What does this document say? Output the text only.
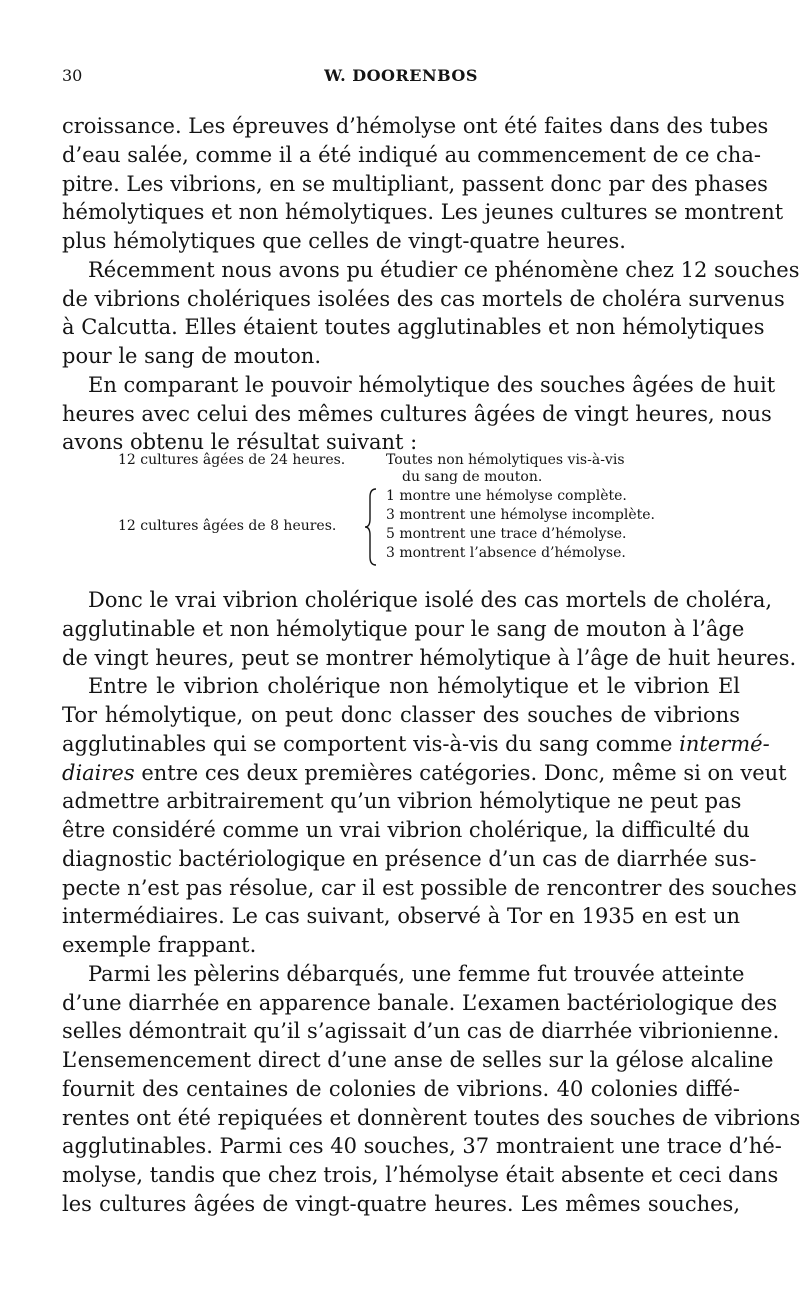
30	W. DOORENBOS
croissance. Les épreuves d’hémolyse ont été faites dans des tubes
d’eau salée, comme il a été indiqué au commencement de ce cha-
pitre. Les vibrions, en se multipliant, passent donc par des phases
hémolytiques et non hémolytiques. Les jeunes cultures se montrent
plus hémolytiques que celles de vingt-quatre heures.
Récemment nous avons pu étudier ce phénomène chez 12 souches
de vibrions cholériques isolées des cas mortels de choléra survenus
à Calcutta. Elles étaient toutes agglutinables et non hémolytiques
pour le sang de mouton.
En comparant le pouvoir hémolytique des souches âgées de huit
heures avec celui des mêmes cultures âgées de vingt heures, nous
avons obtenu le résultat suivant :
12 cultures âgées de 24 heures.	Toutes non hémolytiques vis-à-vis
du sang de mouton.
12 cultures âgées de 8 heures.
1 montre une hémolyse complète.
3 montrent une hémolyse incomplète.
5 montrent une trace d’hémolyse.
3 montrent l’absence d’hémolyse.
Donc le vrai vibrion cholérique isolé des cas mortels de choléra,
agglutinable et non hémolytique pour le sang de mouton à l’âge
de vingt heures, peut se montrer hémolytique à l’âge de huit heures.
Entre le vibrion cholérique non hémolytique et le vibrion El
Tor hémolytique, on peut donc classer des souches de vibrions
agglutinables qui se comportent vis-à-vis du sang comme intermé-
diaires entre ces deux premières catégories. Donc, même si on veut
admettre arbitrairement qu’un vibrion hémolytique ne peut pas
être considéré comme un vrai vibrion cholérique, la difficulté du
diagnostic bactériologique en présence d’un cas de diarrhée sus-
pecte n’est pas résolue, car il est possible de rencontrer des souches
intermédiaires. Le cas suivant, observé à Tor en 1935 en est un
exemple frappant.
Parmi les pèlerins débarqués, une femme fut trouvée atteinte
d’une diarrhée en apparence banale. L’examen bactériologique des
selles démontrait qu’il s’agissait d’un cas de diarrhée vibrionienne.
L’ensemencement direct d’une anse de selles sur la gélose alcaline
fournit des centaines de colonies de vibrions. 40 colonies diffé-
rentes ont été repiquées et donnèrent toutes des souches de vibrions
agglutinables. Parmi ces 40 souches, 37 montraient une trace d’hé-
molyse, tandis que chez trois, l’hémolyse était absente et ceci dans
les cultures âgées de vingt-quatre heures. Les mêmes souches,
